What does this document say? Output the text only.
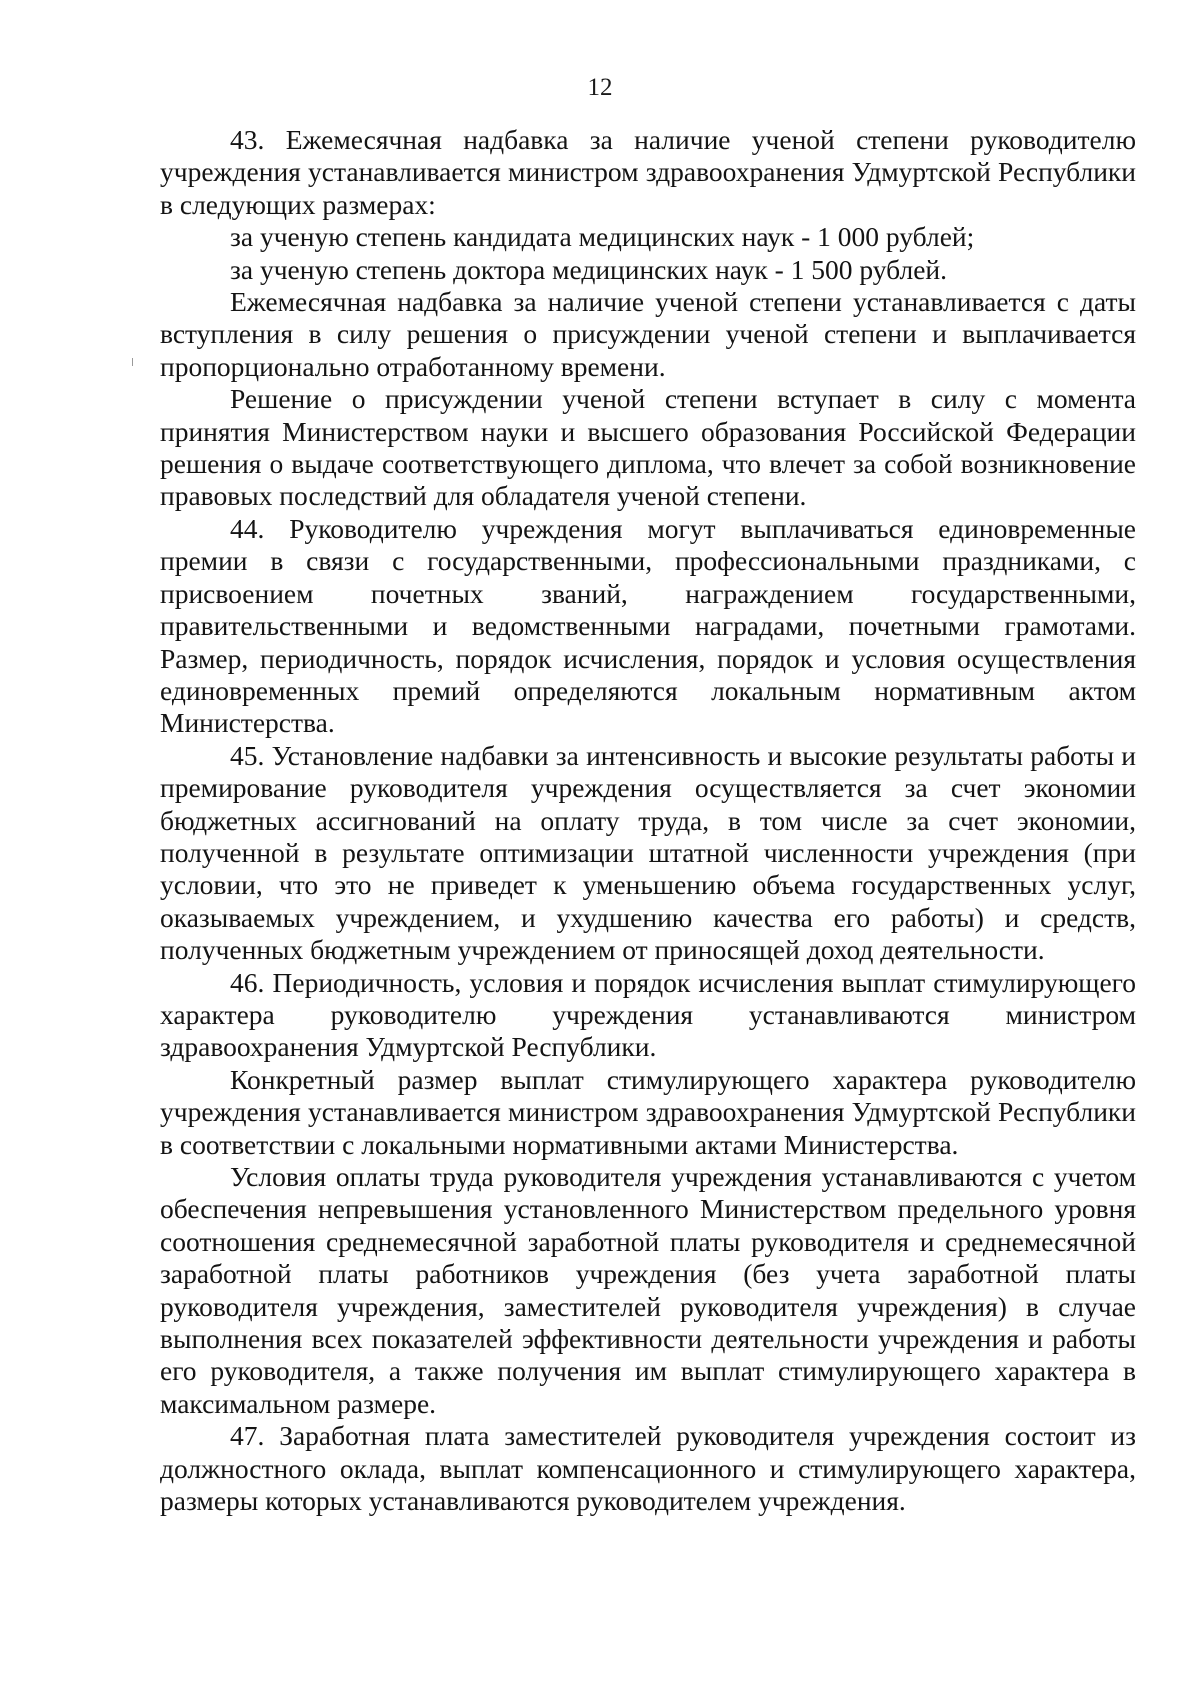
12

43. Ежемесячная надбавка за наличие ученой степени руководителю учреждения устанавливается министром здравоохранения Удмуртской Республики в следующих размерах:

за ученую степень кандидата медицинских наук - 1 000 рублей;

за ученую степень доктора медицинских наук - 1 500 рублей.

Ежемесячная надбавка за наличие ученой степени устанавливается с даты вступления в силу решения о присуждении ученой степени и выплачивается пропорционально отработанному времени.

Решение о присуждении ученой степени вступает в силу с момента принятия Министерством науки и высшего образования Российской Федерации решения о выдаче соответствующего диплома, что влечет за собой возникновение правовых последствий для обладателя ученой степени.

44. Руководителю учреждения могут выплачиваться единовременные премии в связи с государственными, профессиональными праздниками, с присвоением почетных званий, награждением государственными, правительственными и ведомственными наградами, почетными грамотами. Размер, периодичность, порядок исчисления, порядок и условия осуществления единовременных премий определяются локальным нормативным актом Министерства.

45. Установление надбавки за интенсивность и высокие результаты работы и премирование руководителя учреждения осуществляется за счет экономии бюджетных ассигнований на оплату труда, в том числе за счет экономии, полученной в результате оптимизации штатной численности учреждения (при условии, что это не приведет к уменьшению объема государственных услуг, оказываемых учреждением, и ухудшению качества его работы) и средств, полученных бюджетным учреждением от приносящей доход деятельности.

46. Периодичность, условия и порядок исчисления выплат стимулирующего характера руководителю учреждения устанавливаются министром здравоохранения Удмуртской Республики.

Конкретный размер выплат стимулирующего характера руководителю учреждения устанавливается министром здравоохранения Удмуртской Республики в соответствии с локальными нормативными актами Министерства.

Условия оплаты труда руководителя учреждения устанавливаются с учетом обеспечения непревышения установленного Министерством предельного уровня соотношения среднемесячной заработной платы руководителя и среднемесячной заработной платы работников учреждения (без учета заработной платы руководителя учреждения, заместителей руководителя учреждения) в случае выполнения всех показателей эффективности деятельности учреждения и работы его руководителя, а также получения им выплат стимулирующего характера в максимальном размере.

47. Заработная плата заместителей руководителя учреждения состоит из должностного оклада, выплат компенсационного и стимулирующего характера, размеры которых устанавливаются руководителем учреждения.
